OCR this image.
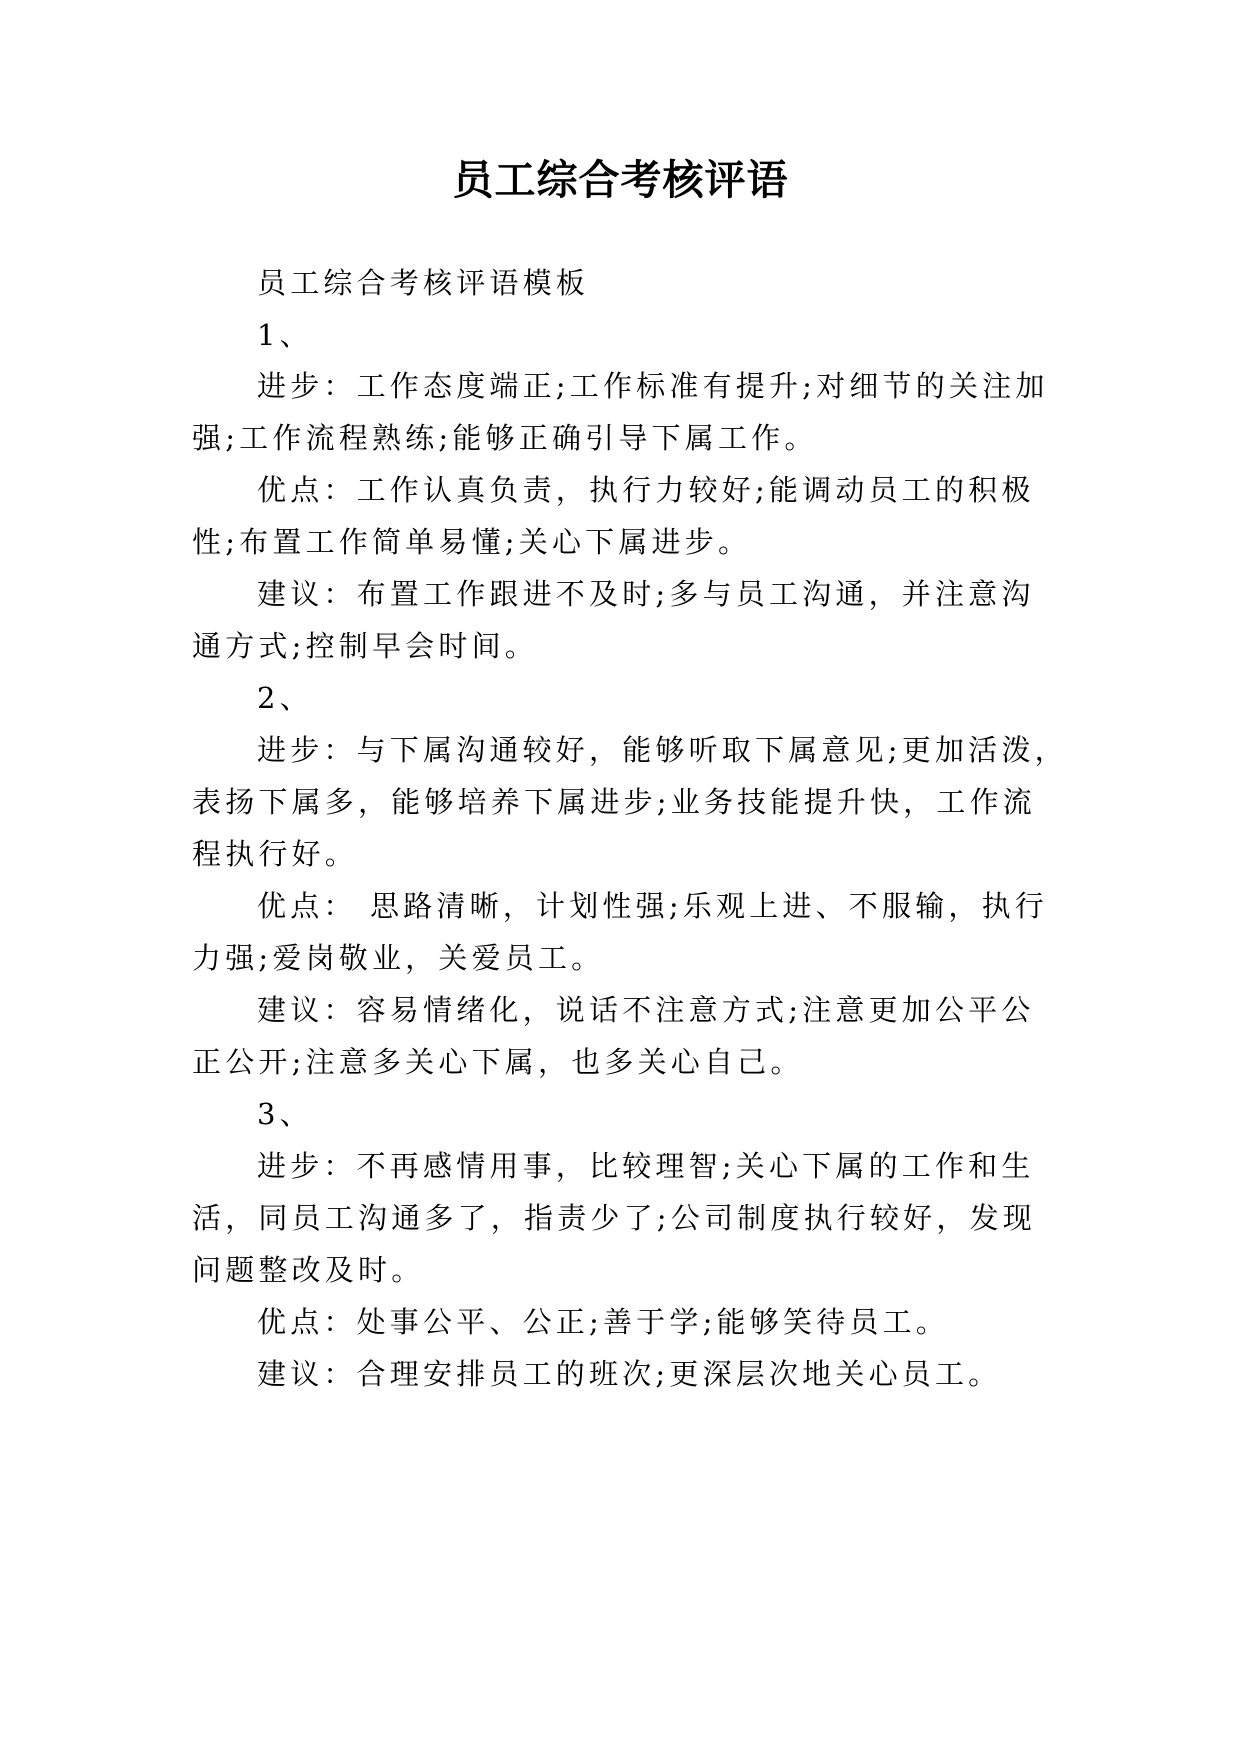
员工综合考核评语

员工综合考核评语模板

1、

进步：工作态度端正;工作标准有提升;对细节的关注加

强;工作流程熟练;能够正确引导下属工作。

优点：工作认真负责，执行力较好;能调动员工的积极

性;布置工作简单易懂;关心下属进步。

建议：布置工作跟进不及时;多与员工沟通，并注意沟

通方式;控制早会时间。

2、

进步：与下属沟通较好，能够听取下属意见;更加活泼，

表扬下属多，能够培养下属进步;业务技能提升快，工作流

程执行好。

优点： 思路清晰，计划性强;乐观上进、不服输，执行

力强;爱岗敬业，关爱员工。

建议：容易情绪化，说话不注意方式;注意更加公平公

正公开;注意多关心下属，也多关心自己。

3、

进步：不再感情用事，比较理智;关心下属的工作和生

活，同员工沟通多了，指责少了;公司制度执行较好，发现

问题整改及时。

优点：处事公平、公正;善于学;能够笑待员工。

建议：合理安排员工的班次;更深层次地关心员工。
